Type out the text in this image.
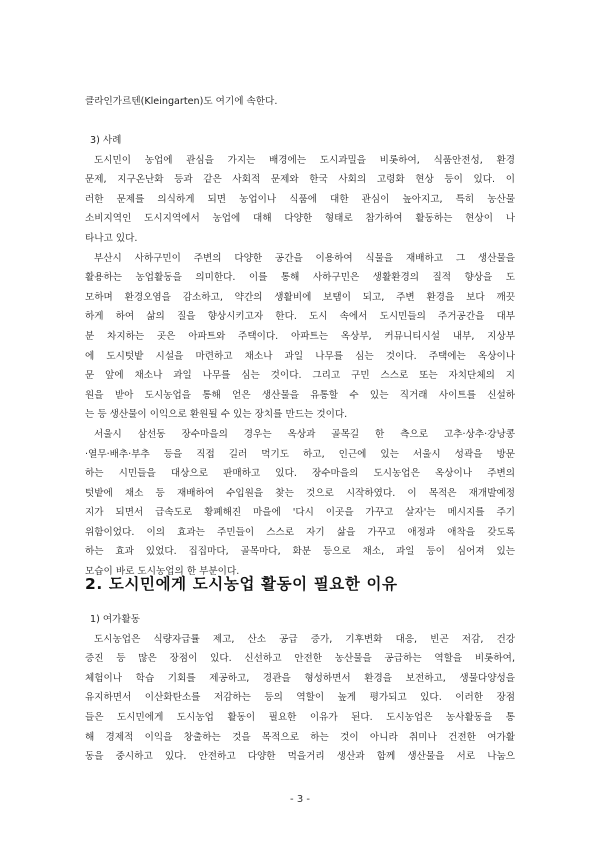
클라인가르텐(Kleingarten)도 여기에 속한다.
3) 사례
도시민이 농업에 관심을 가지는 배경에는 도시과밀을 비롯하여, 식품안전성, 환경
문제, 지구온난화 등과 같은 사회적 문제와 한국 사회의 고령화 현상 등이 있다. 이
러한 문제를 의식하게 되면 농업이나 식품에 대한 관심이 높아지고, 특히 농산물
소비지역인 도시지역에서 농업에 대해 다양한 형태로 참가하여 활동하는 현상이 나
타나고 있다.
부산시 사하구민이 주변의 다양한 공간을 이용하여 식물을 재배하고 그 생산물을
활용하는 농업활동을 의미한다. 이를 통해 사하구민은 생활환경의 질적 향상을 도
모하며 환경오염을 감소하고, 약간의 생활비에 보탬이 되고, 주변 환경을 보다 깨끗
하게 하여 삶의 질을 향상시키고자 한다. 도시 속에서 도시민들의 주거공간을 대부
분 차지하는 곳은 아파트와 주택이다. 아파트는 옥상부, 커뮤니티시설 내부, 지상부
에 도시텃밭 시설을 마련하고 채소나 과일 나무를 심는 것이다. 주택에는 옥상이나
문 앞에 채소나 과일 나무를 심는 것이다. 그리고 구민 스스로 또는 자치단체의 지
원을 받아 도시농업을 통해 얻은 생산물을 유통할 수 있는 직거래 사이트를 신설하
는 등 생산물이 이익으로 환원될 수 있는 장치를 만드는 것이다.
서울시 삼선동 장수마을의 경우는 옥상과 골목길 한 측으로 고추·상추·강낭콩
·열무·배추·부추 등을 직접 길러 먹기도 하고, 인근에 있는 서울시 성곽을 방문
하는 시민들을 대상으로 판매하고 있다. 장수마을의 도시농업은 옥상이나 주변의
텃밭에 채소 등 재배하여 수입원을 찾는 것으로 시작하였다. 이 목적은 재개발예정
지가 되면서 급속도로 황폐해진 마을에 '다시 이곳을 가꾸고 살자'는 메시지를 주기
위함이었다. 이의 효과는 주민들이 스스로 자기 삶을 가꾸고 애정과 애착을 갖도록
하는 효과 있었다. 집집마다, 골목마다, 화분 등으로 채소, 과일 등이 심어져 있는
모습이 바로 도시농업의 한 부분이다.
2. 도시민에게 도시농업 활동이 필요한 이유
1) 여가활동
도시농업은 식량자급률 제고, 산소 공급 증가, 기후변화 대응, 빈곤 저감, 건강
증진 등 많은 장점이 있다. 신선하고 안전한 농산물을 공급하는 역할을 비롯하여,
체험이나 학습 기회를 제공하고, 경관을 형성하면서 환경을 보전하고, 생물다양성을
유지하면서 이산화탄소를 저감하는 등의 역할이 높게 평가되고 있다. 이러한 장점
들은 도시민에게 도시농업 활동이 필요한 이유가 된다. 도시농업은 농사활동을 통
해 경제적 이익을 창출하는 것을 목적으로 하는 것이 아니라 취미나 건전한 여가활
동을 중시하고 있다. 안전하고 다양한 먹을거리 생산과 함께 생산물을 서로 나눔으
- 3 -
